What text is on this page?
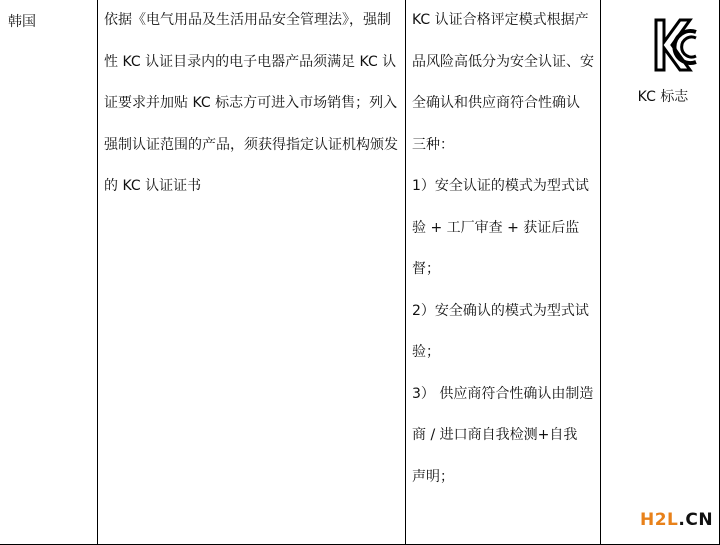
韩国	依据《电气用品及生活用品安全管理法》，强制
性 KC 认证目录内的电子电器产品须满足 KC 认
证要求并加贴 KC 标志方可进入市场销售；列入
强制认证范围的产品，须获得指定认证机构颁发
的 KC 认证证书
KC 认证合格评定模式根据产
品风险高低分为安全认证、安
全确认和供应商符合性确认
三种：
1）安全认证的模式为型式试
验 + 工厂审查 + 获证后监
督；
2）安全确认的模式为型式试
验；
3） 供应商符合性确认由制造
商 / 进口商自我检测+自我
声明；
KC 标志
H2L.CN
